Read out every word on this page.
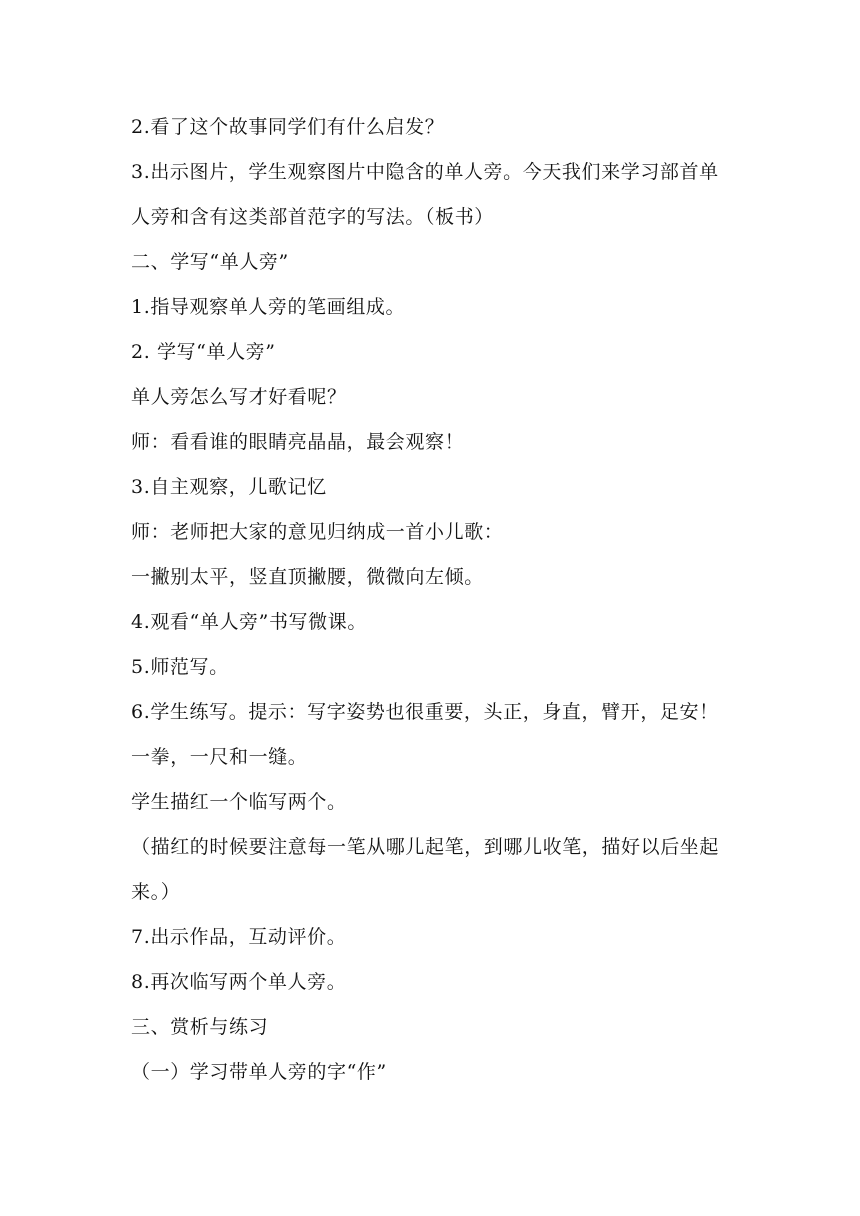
2.看了这个故事同学们有什么启发？
3.出示图片，学生观察图片中隐含的单人旁。今天我们来学习部首单
人旁和含有这类部首范字的写法。（板书）
二、学写“单人旁”
1.指导观察单人旁的笔画组成。
2. 学写“单人旁”
单人旁怎么写才好看呢？
师：看看谁的眼睛亮晶晶，最会观察！
3.自主观察，儿歌记忆
师：老师把大家的意见归纳成一首小儿歌：
一撇别太平，竖直顶撇腰，微微向左倾。
4.观看“单人旁”书写微课。
5.师范写。
6.学生练写。提示：写字姿势也很重要，头正，身直，臂开，足安！
一拳，一尺和一缝。
学生描红一个临写两个。
（描红的时候要注意每一笔从哪儿起笔，到哪儿收笔，描好以后坐起
来。）
7.出示作品，互动评价。
8.再次临写两个单人旁。
三、赏析与练习
（一）学习带单人旁的字“作”
